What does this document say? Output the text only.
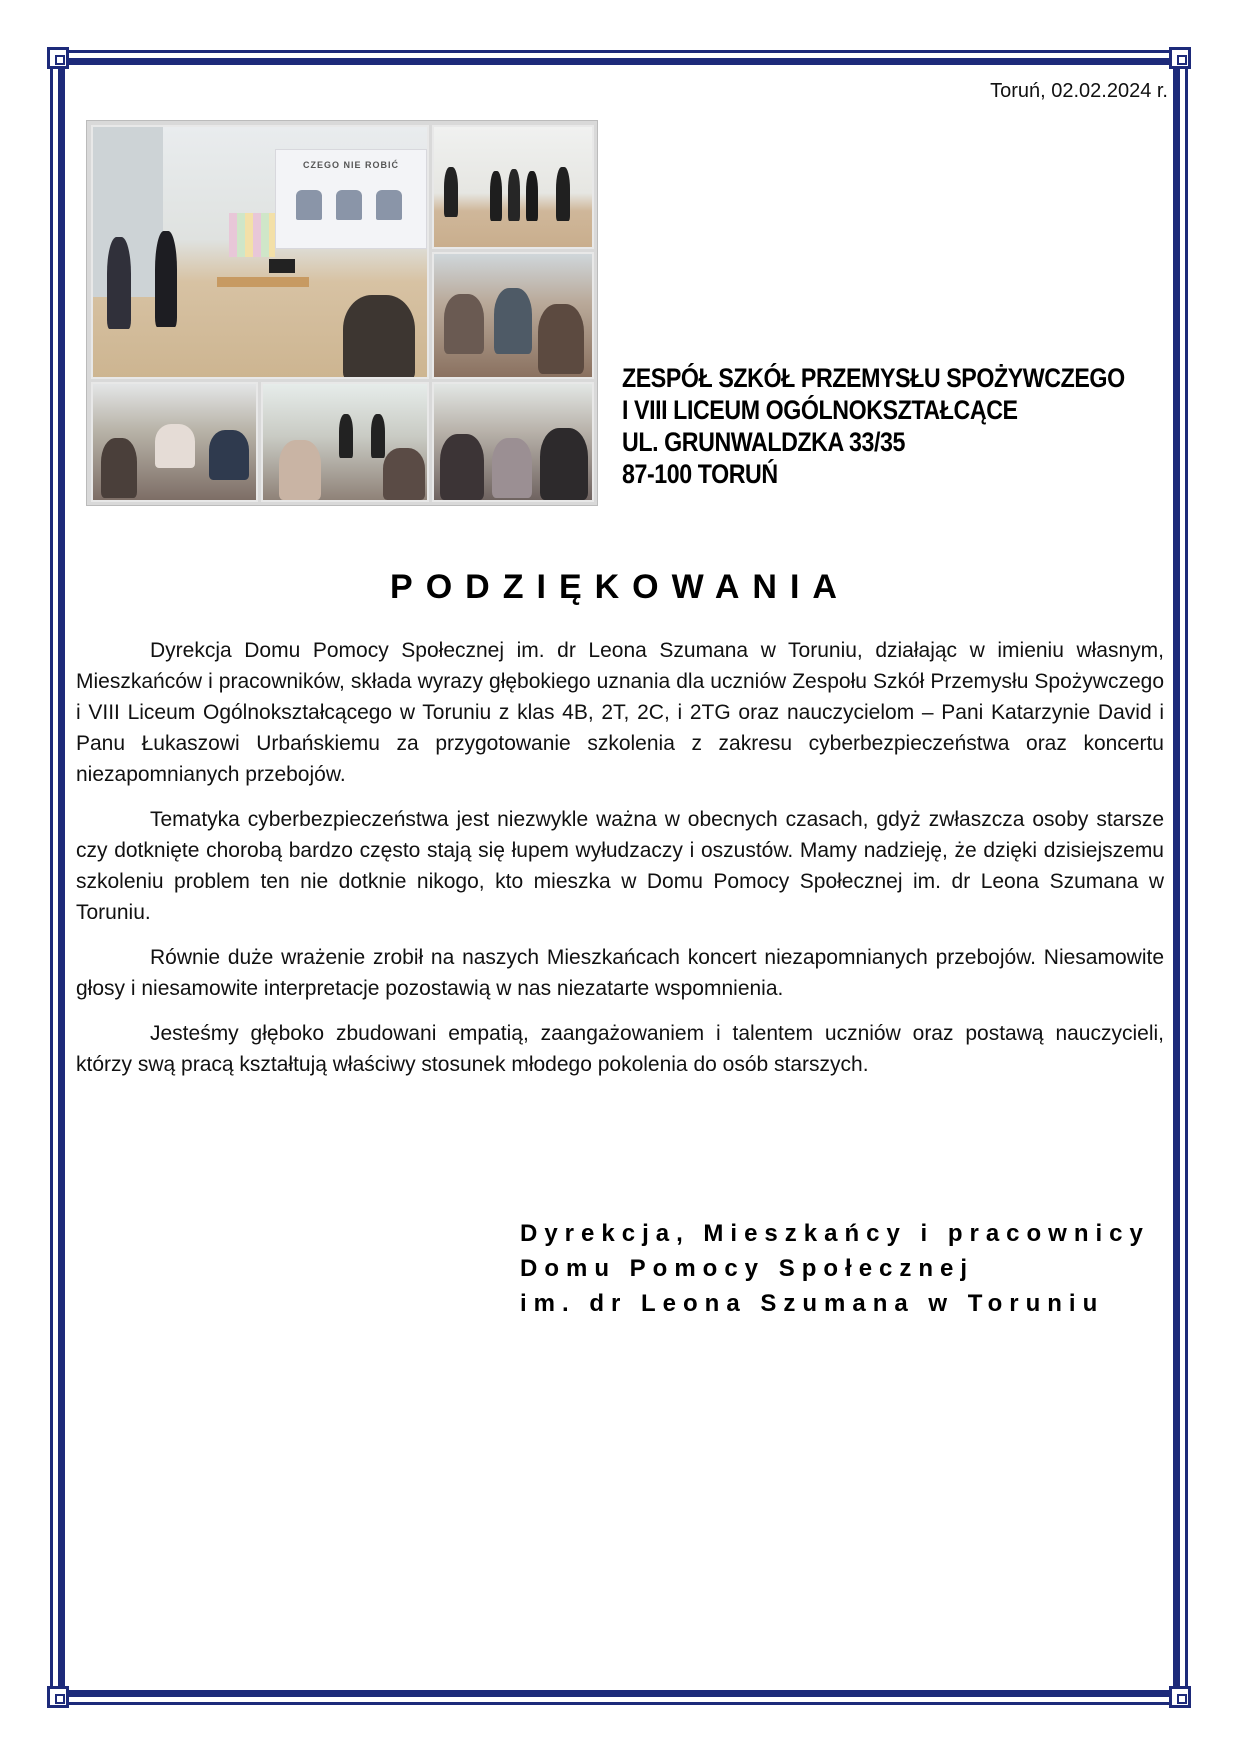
Toruń, 02.02.2024 r.
CZEGO NIE ROBIĆ
ZESPÓŁ SZKÓŁ PRZEMYSŁU SPOŻYWCZEGO
I VIII LICEUM OGÓLNOKSZTAŁCĄCE
UL. GRUNWALDZKA 33/35
87-100 TORUŃ
PODZIĘKOWANIA

Dyrekcja Domu Pomocy Społecznej im. dr Leona Szumana w Toruniu, działając w imieniu własnym, Mieszkańców i pracowników, składa wyrazy głębokiego uznania dla uczniów Zespołu Szkół Przemysłu Spożywczego i VIII Liceum Ogólnokształcącego w Toruniu z klas 4B, 2T, 2C, i 2TG oraz nauczycielom – Pani Katarzynie David i Panu Łukaszowi Urbańskiemu za przygotowanie szkolenia z zakresu cyberbezpieczeństwa oraz koncertu niezapomnianych przebojów.

Tematyka cyberbezpieczeństwa jest niezwykle ważna w obecnych czasach, gdyż zwłaszcza osoby starsze czy dotknięte chorobą bardzo często stają się łupem wyłudzaczy i oszustów. Mamy nadzieję, że dzięki dzisiejszemu szkoleniu problem ten nie dotknie nikogo, kto mieszka w Domu Pomocy Społecznej im. dr Leona Szumana w Toruniu.

Równie duże wrażenie zrobił na naszych Mieszkańcach koncert niezapomnianych przebojów. Niesamowite głosy i niesamowite interpretacje pozostawią w nas niezatarte wspomnienia.

Jesteśmy głęboko zbudowani empatią, zaangażowaniem i talentem uczniów oraz postawą nauczycieli, którzy swą pracą kształtują właściwy stosunek młodego pokolenia do osób starszych.

Dyrekcja, Mieszkańcy i pracownicy
Domu Pomocy Społecznej
im. dr Leona Szumana w Toruniu
